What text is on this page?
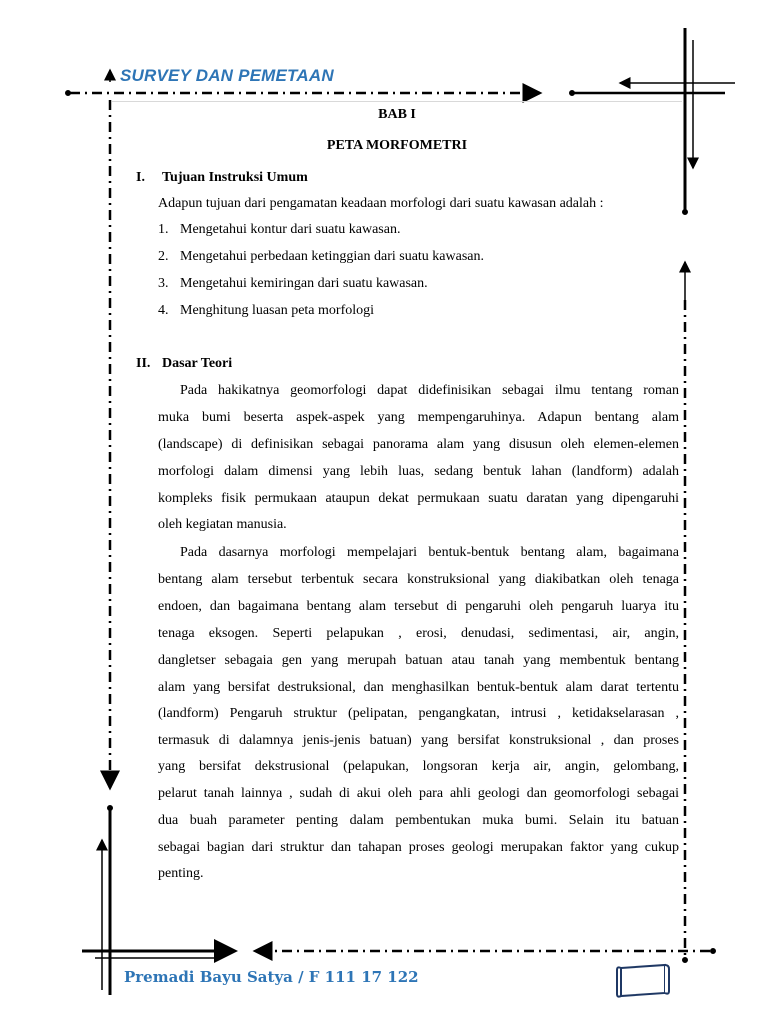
SURVEY DAN PEMETAAN
BAB I
PETA MORFOMETRI
I. Tujuan Instruksi Umum
Adapun tujuan dari pengamatan keadaan morfologi dari suatu kawasan adalah :
1. Mengetahui kontur dari suatu kawasan.
2. Mengetahui perbedaan ketinggian dari suatu kawasan.
3. Mengetahui kemiringan dari suatu kawasan.
4. Menghitung luasan peta morfologi
II. Dasar Teori
Pada hakikatnya geomorfologi dapat didefinisikan sebagai ilmu tentang roman
muka bumi beserta aspek-aspek yang mempengaruhinya. Adapun bentang alam
(landscape) di definisikan sebagai panorama alam yang disusun oleh elemen-elemen
morfologi dalam dimensi yang lebih luas, sedang bentuk lahan (landform) adalah
kompleks fisik permukaan ataupun dekat permukaan suatu daratan yang dipengaruhi
oleh kegiatan manusia.
Pada dasarnya morfologi mempelajari bentuk-bentuk bentang alam, bagaimana
bentang alam tersebut terbentuk secara konstruksional yang diakibatkan oleh tenaga
endoen, dan bagaimana bentang alam tersebut di pengaruhi oleh pengaruh luarya itu
tenaga eksogen. Seperti pelapukan , erosi, denudasi, sedimentasi, air, angin,
dangletser sebagaia gen yang merupah batuan atau tanah yang membentuk bentang
alam yang bersifat destruksional, dan menghasilkan bentuk-bentuk alam darat tertentu
(landform) Pengaruh struktur (pelipatan, pengangkatan, intrusi , ketidakselarasan ,
termasuk di dalamnya jenis-jenis batuan) yang bersifat konstruksional , dan proses
yang bersifat dekstrusional (pelapukan, longsoran kerja air, angin, gelombang,
pelarut tanah lainnya , sudah di akui oleh para ahli geologi dan geomorfologi sebagai
dua buah parameter penting dalam pembentukan muka bumi. Selain itu batuan
sebagai bagian dari struktur dan tahapan proses geologi merupakan faktor yang cukup
penting.
Premadi Bayu Satya / F 111 17 122
